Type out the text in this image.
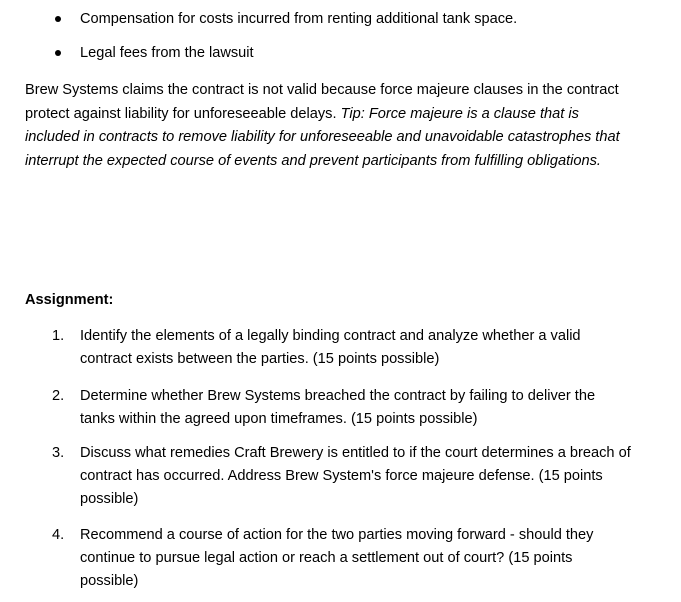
Compensation for costs incurred from renting additional tank space.
Legal fees from the lawsuit

Brew Systems claims the contract is not valid because force majeure clauses in the contract
protect against liability for unforeseeable delays. Tip: Force majeure is a clause that is
included in contracts to remove liability for unforeseeable and unavoidable catastrophes that
interrupt the expected course of events and prevent participants from fulfilling obligations.

Assignment:

1.	Identify the elements of a legally binding contract and analyze whether a valid
contract exists between the parties. (15 points possible)
2.	Determine whether Brew Systems breached the contract by failing to deliver the
tanks within the agreed upon timeframes. (15 points possible)
3.	Discuss what remedies Craft Brewery is entitled to if the court determines a breach of
contract has occurred. Address Brew System's force majeure defense. (15 points
possible)
4.	Recommend a course of action for the two parties moving forward - should they
continue to pursue legal action or reach a settlement out of court? (15 points
possible)
